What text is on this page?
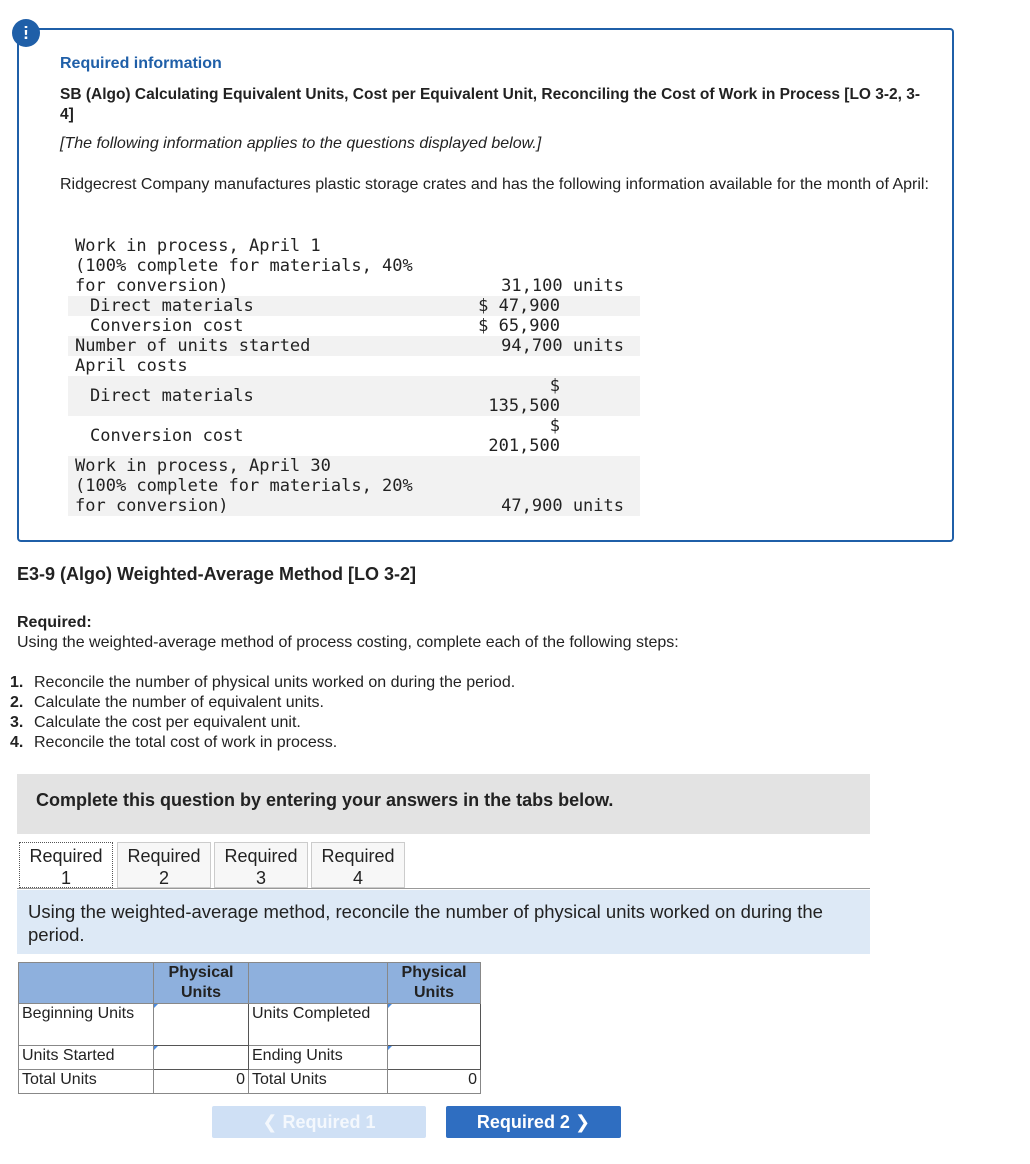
!
Required information
SB (Algo) Calculating Equivalent Units, Cost per Equivalent Unit, Reconciling the Cost of Work in Process [LO 3-2, 3-4]
[The following information applies to the questions displayed below.]
Ridgecrest Company manufactures plastic storage crates and has the following information available for the month of April:
Work in process, April 1
(100% complete for materials, 40%
for conversion)	31,100 units
Direct materials	$ 47,900
Conversion cost	$ 65,900
Number of units started	94,700 units
April costs
Direct materials	$
135,500
Conversion cost	$
201,500
Work in process, April 30
(100% complete for materials, 20%
for conversion)	47,900 units
E3-9 (Algo) Weighted-Average Method [LO 3-2]
Required:
Using the weighted-average method of process costing, complete each of the following steps:
1. Reconcile the number of physical units worked on during the period.
2. Calculate the number of equivalent units.
3. Calculate the cost per equivalent unit.
4. Reconcile the total cost of work in process.
Complete this question by entering your answers in the tabs below.
Required
1
Required
2
Required
3
Required
4
Using the weighted-average method, reconcile the number of physical units worked on during the period.
	Physical Units		Physical Units
Beginning Units		Units Completed	
Units Started		Ending Units	
Total Units	0	Total Units	0
❮ Required 1	Required 2 ❯
